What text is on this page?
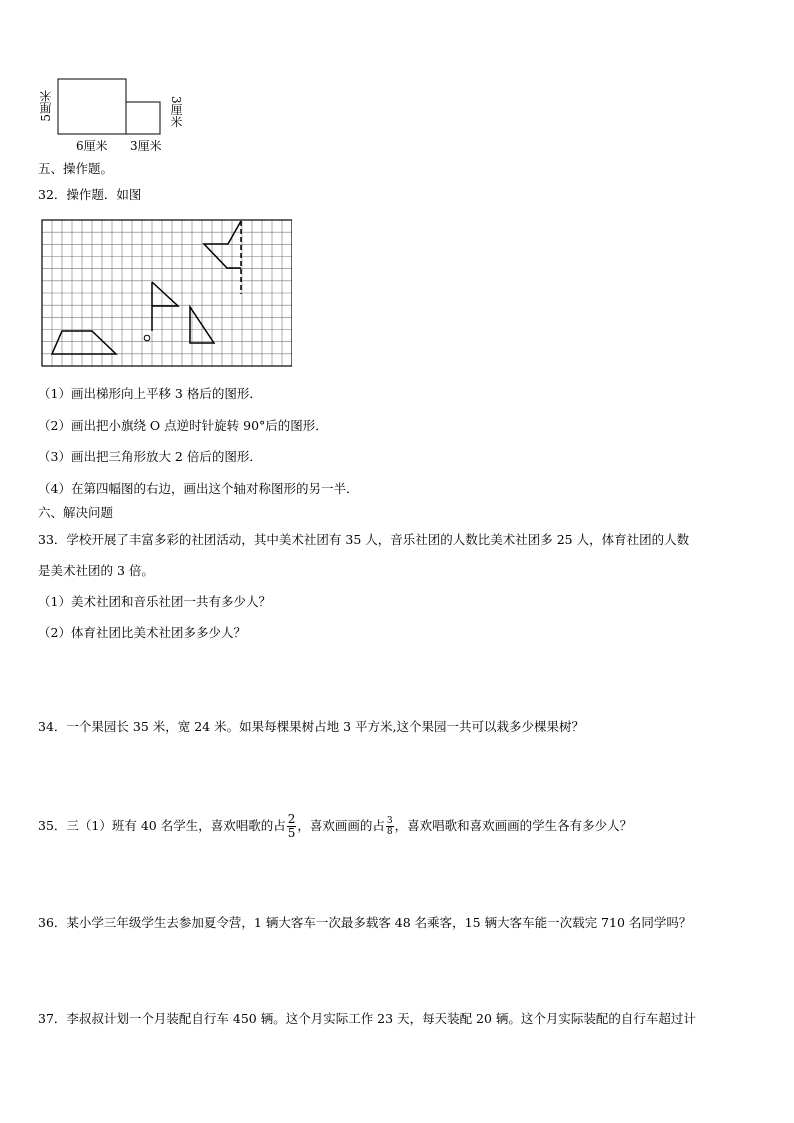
5厘米	3厘米
6厘米 3厘米
五、操作题。
32．操作题．如图
（1）画出梯形向上平移 3 格后的图形．
（2）画出把小旗绕 O 点逆时针旋转 90°后的图形．
（3）画出把三角形放大 2 倍后的图形．
（4）在第四幅图的右边，画出这个轴对称图形的另一半．
六、解决问题
33．学校开展了丰富多彩的社团活动，其中美术社团有 35 人，音乐社团的人数比美术社团多 25 人，体育社团的人数
是美术社团的 3 倍。
（1）美术社团和音乐社团一共有多少人？
（2）体育社团比美术社团多多少人？
34．一个果园长 35 米，宽 24 米。如果每棵果树占地 3 平方米,这个果园一共可以栽多少棵果树？
35．三（1）班有 40 名学生，喜欢唱歌的占 $\frac{2}{5}$ ，喜欢画画的占 $\frac{3}{8}$ ，喜欢唱歌和喜欢画画的学生各有多少人？
36．某小学三年级学生去参加夏令营，1 辆大客车一次最多载客 48 名乘客，15 辆大客车能一次载完 710 名同学吗？
37．李叔叔计划一个月装配自行车 450 辆。这个月实际工作 23 天，每天装配 20 辆。这个月实际装配的自行车超过计
